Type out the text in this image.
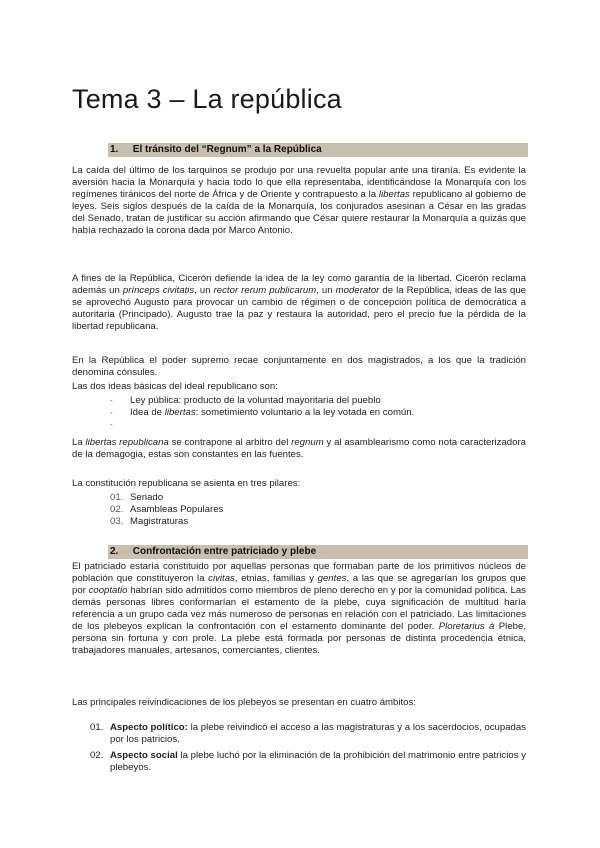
Tema 3 – La república
1. El tránsito del “Regnum” a la República
La caída del último de los tarquinos se produjo por una revuelta popular ante una tiranía. Es evidente la aversión hacia la Monarquía y hacia todo lo que ella representaba, identificándose la Monarquía con los regímenes tiránicos del norte de África y de Oriente y contrapuesto a la libertas republicano al gobierno de leyes. Seis siglos después de la caída de la Monarquía, los conjurados asesinan a César en las gradas del Senado, tratan de justificar su acción afirmando que César quiere restaurar la Monarquía a quizás que había rechazado la corona dada por Marco Antonio.
A fines de la República, Cicerón defiende la idea de la ley como garantía de la libertad. Cicerón reclama además un prínceps civitatis, un rector rerum publicarum, un moderator de la República, ideas de las que se aprovechó Augusto para provocar un cambio de régimen o de concepción política de democrática a autoritaria (Principado). Augusto trae la paz y restaura la autoridad, pero el precio fue la pérdida de la libertad republicana.
En la República el poder supremo recae conjuntamente en dos magistrados, a los que la tradición denomina cónsules.
Las dos ideas básicas del ideal republicano son:
-	Ley pública: producto de la voluntad mayoritaria del pueblo
-	Idea de libertas: sometimiento voluntario a la ley votada en común.
-
La libertas republicana se contrapone al arbitro del regnum y al asamblearismo como nota caracterizadora de la demagogia, estas son constantes en las fuentes.
La constitución republicana se asienta en tres pilares:
01. Senado
02. Asambleas Populares
03. Magistraturas
2. Confrontación entre patriciado y plebe
El patriciado estaría constituido por aquellas personas que formaban parte de los primitivos núcleos de población que constituyeron la civitas, etnias, familias y gentes, a las que se agregarían los grupos que por cooptatio habrían sido admitidos como miembros de pleno derecho en y por la comunidad política. Las demás personas libres conformarían el estamento de la plebe, cuya significación de multitud haría referencia a un grupo cada vez más numeroso de personas en relación con el patriciado. Las limitaciones de los plebeyos explican la confrontación con el estamento dominante del poder. Ploretarius à Plebe, persona sin fortuna y con prole. La plebe está formada por personas de distinta procedencia étnica, trabajadores manuales, artesanos, comerciantes, clientes.
Las principales reivindicaciones de los plebeyos se presentan en cuatro ámbitos:
01. Aspecto político: la plebe reivindicó el acceso a las magistraturas y a los sacerdocios, ocupadas por los patricios.
02. Aspecto social la plebe luchó por la eliminación de la prohibición del matrimonio entre patricios y plebeyos.
